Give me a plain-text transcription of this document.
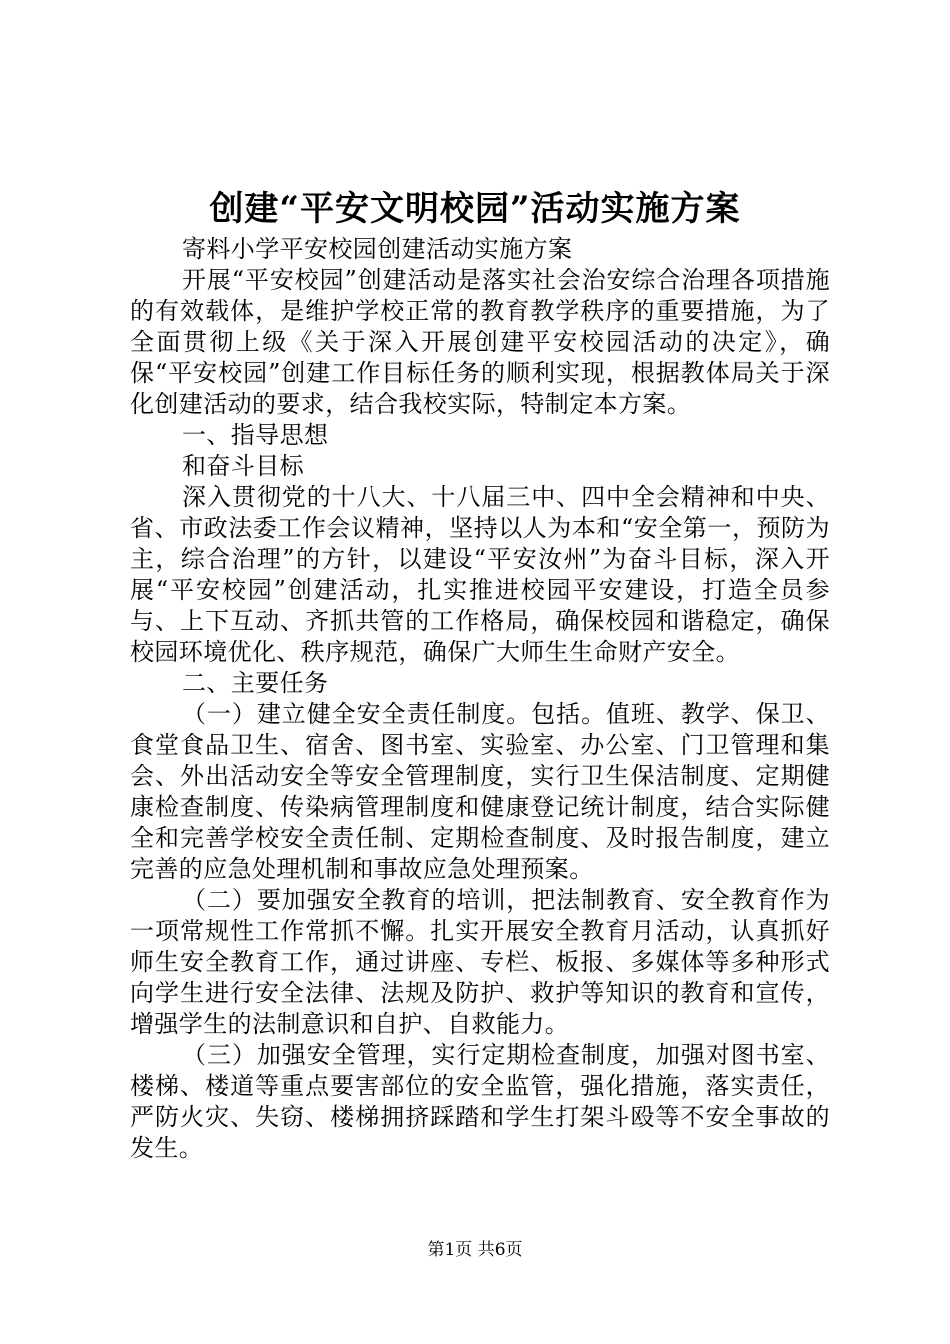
创建“平安文明校园”活动实施方案

寄料小学平安校园创建活动实施方案

开展“平安校园”创建活动是落实社会治安综合治理各项措施的有效载体，是维护学校正常的教育教学秩序的重要措施，为了全面贯彻上级《关于深入开展创建平安校园活动的决定》，确保“平安校园”创建工作目标任务的顺利实现，根据教体局关于深化创建活动的要求，结合我校实际，特制定本方案。

一、指导思想

和奋斗目标

深入贯彻党的十八大、十八届三中、四中全会精神和中央、省、市政法委工作会议精神，坚持以人为本和“安全第一，预防为主，综合治理”的方针，以建设“平安汝州”为奋斗目标，深入开展“平安校园”创建活动，扎实推进校园平安建设，打造全员参与、上下互动、齐抓共管的工作格局，确保校园和谐稳定，确保校园环境优化、秩序规范，确保广大师生生命财产安全。

二、主要任务

（一）建立健全安全责任制度。包括。值班、教学、保卫、食堂食品卫生、宿舍、图书室、实验室、办公室、门卫管理和集会、外出活动安全等安全管理制度，实行卫生保洁制度、定期健康检查制度、传染病管理制度和健康登记统计制度，结合实际健全和完善学校安全责任制、定期检查制度、及时报告制度，建立完善的应急处理机制和事故应急处理预案。

（二）要加强安全教育的培训，把法制教育、安全教育作为一项常规性工作常抓不懈。扎实开展安全教育月活动，认真抓好师生安全教育工作，通过讲座、专栏、板报、多媒体等多种形式向学生进行安全法律、法规及防护、救护等知识的教育和宣传，增强学生的法制意识和自护、自救能力。

（三）加强安全管理，实行定期检查制度，加强对图书室、楼梯、楼道等重点要害部位的安全监管，强化措施，落实责任，严防火灾、失窃、楼梯拥挤踩踏和学生打架斗殴等不安全事故的发生。

第1页 共6页
